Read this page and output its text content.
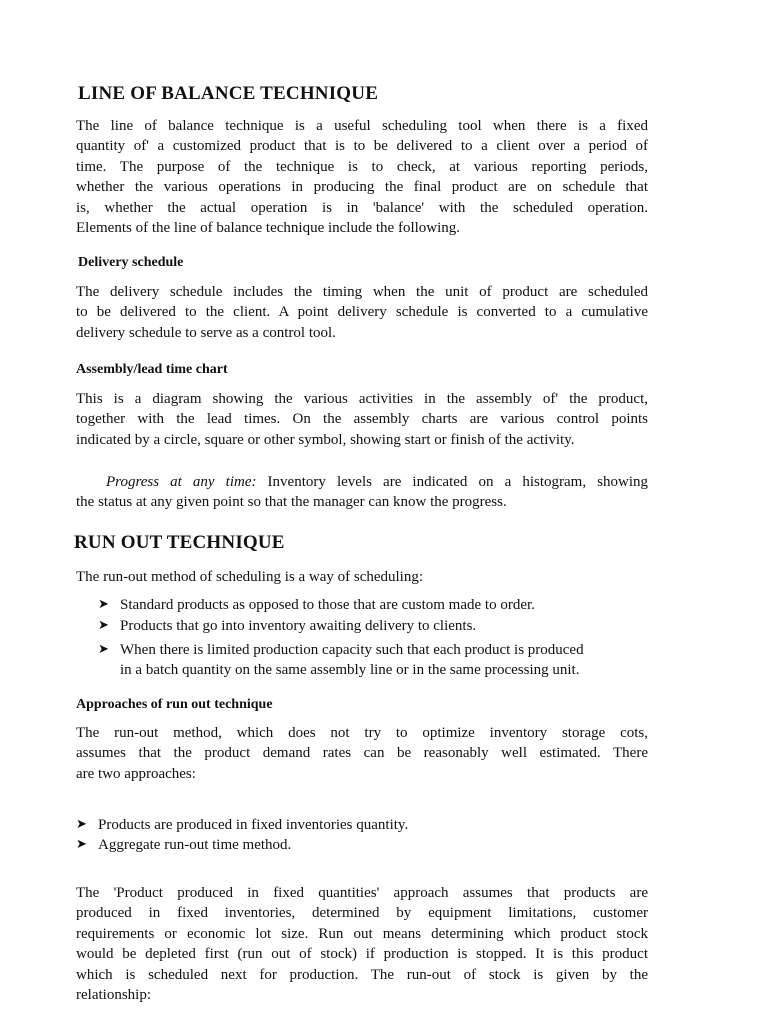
LINE OF BALANCE TECHNIQUE
The line of balance technique is a useful scheduling tool when there is a fixed
quantity of' a customized product that is to be delivered to a client over a period of
time. The purpose of the technique is to check, at various reporting periods,
whether the various operations in producing the final product are on schedule that
is, whether the actual operation is in 'balance' with the scheduled operation.
Elements of the line of balance technique include the following.
Delivery schedule
The delivery schedule includes the timing when the unit of product are scheduled
to be delivered to the client. A point delivery schedule is converted to a cumulative
delivery schedule to serve as a control tool.
Assembly/lead time chart
This is a diagram showing the various activities in the assembly of' the product,
together with the lead times. On the assembly charts are various control points
indicated by a circle, square or other symbol, showing start or finish of the activity.
Progress at any time: Inventory levels are indicated on a histogram, showing
the status at any given point so that the manager can know the progress.
RUN OUT TECHNIQUE
The run-out method of scheduling is a way of scheduling:
➤ Standard products as opposed to those that are custom made to order.
➤ Products that go into inventory awaiting delivery to clients.
➤ When there is limited production capacity such that each product is produced
in a batch quantity on the same assembly line or in the same processing unit.
Approaches of run out technique
The run-out method, which does not try to optimize inventory storage cots,
assumes that the product demand rates can be reasonably well estimated. There
are two approaches:
➤ Products are produced in fixed inventories quantity.
➤ Aggregate run-out time method.
The 'Product produced in fixed quantities' approach assumes that products are
produced in fixed inventories, determined by equipment limitations, customer
requirements or economic lot size. Run out means determining which product stock
would be depleted first (run out of stock) if production is stopped. It is this product
which is scheduled next for production. The run-out of stock is given by the
relationship:
